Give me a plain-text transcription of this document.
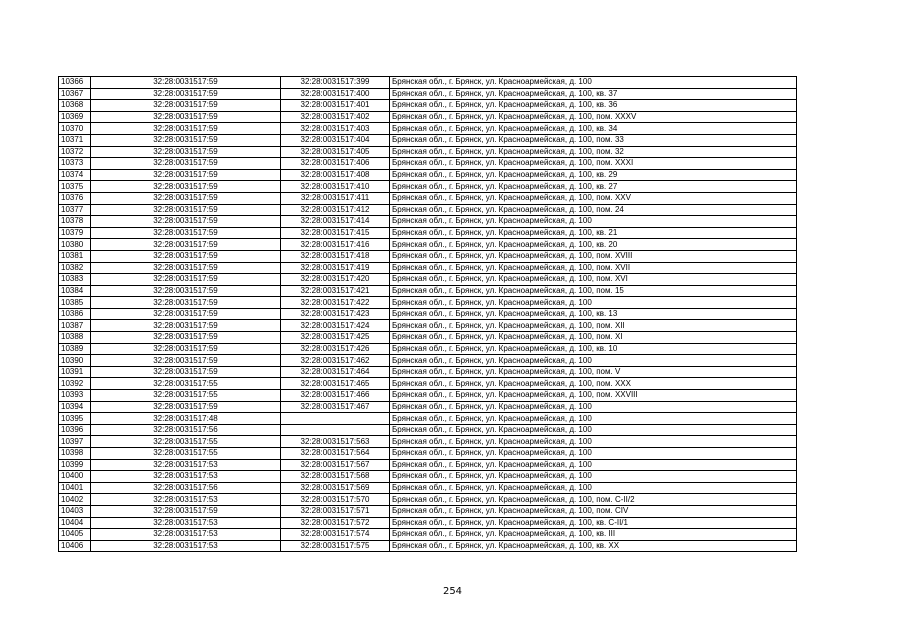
10366	32:28:0031517:59	32:28:0031517:399	Брянская обл., г. Брянск, ул. Красноармейская, д. 100
10367	32:28:0031517:59	32:28:0031517:400	Брянская обл., г. Брянск, ул. Красноармейская, д. 100, кв. 37
10368	32:28:0031517:59	32:28:0031517:401	Брянская обл., г. Брянск, ул. Красноармейская, д. 100, кв. 36
10369	32:28:0031517:59	32:28:0031517:402	Брянская обл., г. Брянск, ул. Красноармейская, д. 100, пом. XXXV
10370	32:28:0031517:59	32:28:0031517:403	Брянская обл., г. Брянск, ул. Красноармейская, д. 100, кв. 34
10371	32:28:0031517:59	32:28:0031517:404	Брянская обл., г. Брянск, ул. Красноармейская, д. 100, пом. 33
10372	32:28:0031517:59	32:28:0031517:405	Брянская обл., г. Брянск, ул. Красноармейская, д. 100, пом. 32
10373	32:28:0031517:59	32:28:0031517:406	Брянская обл., г. Брянск, ул. Красноармейская, д. 100, пом. XXXI
10374	32:28:0031517:59	32:28:0031517:408	Брянская обл., г. Брянск, ул. Красноармейская, д. 100, кв. 29
10375	32:28:0031517:59	32:28:0031517:410	Брянская обл., г. Брянск, ул. Красноармейская, д. 100, кв. 27
10376	32:28:0031517:59	32:28:0031517:411	Брянская обл., г. Брянск, ул. Красноармейская, д. 100, пом. XXV
10377	32:28:0031517:59	32:28:0031517:412	Брянская обл., г. Брянск, ул. Красноармейская, д. 100, пом. 24
10378	32:28:0031517:59	32:28:0031517:414	Брянская обл., г. Брянск, ул. Красноармейская, д. 100
10379	32:28:0031517:59	32:28:0031517:415	Брянская обл., г. Брянск, ул. Красноармейская, д. 100, кв. 21
10380	32:28:0031517:59	32:28:0031517:416	Брянская обл., г. Брянск, ул. Красноармейская, д. 100, кв. 20
10381	32:28:0031517:59	32:28:0031517:418	Брянская обл., г. Брянск, ул. Красноармейская, д. 100, пом. XVIII
10382	32:28:0031517:59	32:28:0031517:419	Брянская обл., г. Брянск, ул. Красноармейская, д. 100, пом. XVII
10383	32:28:0031517:59	32:28:0031517:420	Брянская обл., г. Брянск, ул. Красноармейская, д. 100, пом. XVI
10384	32:28:0031517:59	32:28:0031517:421	Брянская обл., г. Брянск, ул. Красноармейская, д. 100, пом. 15
10385	32:28:0031517:59	32:28:0031517:422	Брянская обл., г. Брянск, ул. Красноармейская, д. 100
10386	32:28:0031517:59	32:28:0031517:423	Брянская обл., г. Брянск, ул. Красноармейская, д. 100, кв. 13
10387	32:28:0031517:59	32:28:0031517:424	Брянская обл., г. Брянск, ул. Красноармейская, д. 100, пом. XII
10388	32:28:0031517:59	32:28:0031517:425	Брянская обл., г. Брянск, ул. Красноармейская, д. 100, пом. XI
10389	32:28:0031517:59	32:28:0031517:426	Брянская обл., г. Брянск, ул. Красноармейская, д. 100, кв. 10
10390	32:28:0031517:59	32:28:0031517:462	Брянская обл., г. Брянск, ул. Красноармейская, д. 100
10391	32:28:0031517:59	32:28:0031517:464	Брянская обл., г. Брянск, ул. Красноармейская, д. 100, пом. V
10392	32:28:0031517:55	32:28:0031517:465	Брянская обл., г. Брянск, ул. Красноармейская, д. 100, пом. XXX
10393	32:28:0031517:55	32:28:0031517:466	Брянская обл., г. Брянск, ул. Красноармейская, д. 100, пом. XXVIII
10394	32:28:0031517:59	32:28:0031517:467	Брянская обл., г. Брянск, ул. Красноармейская, д. 100
10395	32:28:0031517:48		Брянская обл., г. Брянск, ул. Красноармейская, д. 100
10396	32:28:0031517:56		Брянская обл., г. Брянск, ул. Красноармейская, д. 100
10397	32:28:0031517:55	32:28:0031517:563	Брянская обл., г. Брянск, ул. Красноармейская, д. 100
10398	32:28:0031517:55	32:28:0031517:564	Брянская обл., г. Брянск, ул. Красноармейская, д. 100
10399	32:28:0031517:53	32:28:0031517:567	Брянская обл., г. Брянск, ул. Красноармейская, д. 100
10400	32:28:0031517:53	32:28:0031517:568	Брянская обл., г. Брянск, ул. Красноармейская, д. 100
10401	32:28:0031517:56	32:28:0031517:569	Брянская обл., г. Брянск, ул. Красноармейская, д. 100
10402	32:28:0031517:53	32:28:0031517:570	Брянская обл., г. Брянск, ул. Красноармейская, д. 100, пом. С-II/2
10403	32:28:0031517:59	32:28:0031517:571	Брянская обл., г. Брянск, ул. Красноармейская, д. 100, пом. CIV
10404	32:28:0031517:53	32:28:0031517:572	Брянская обл., г. Брянск, ул. Красноармейская, д. 100, кв. С-II/1
10405	32:28:0031517:53	32:28:0031517:574	Брянская обл., г. Брянск, ул. Красноармейская, д. 100, кв. III
10406	32:28:0031517:53	32:28:0031517:575	Брянская обл., г. Брянск, ул. Красноармейская, д. 100, кв. XX
254
